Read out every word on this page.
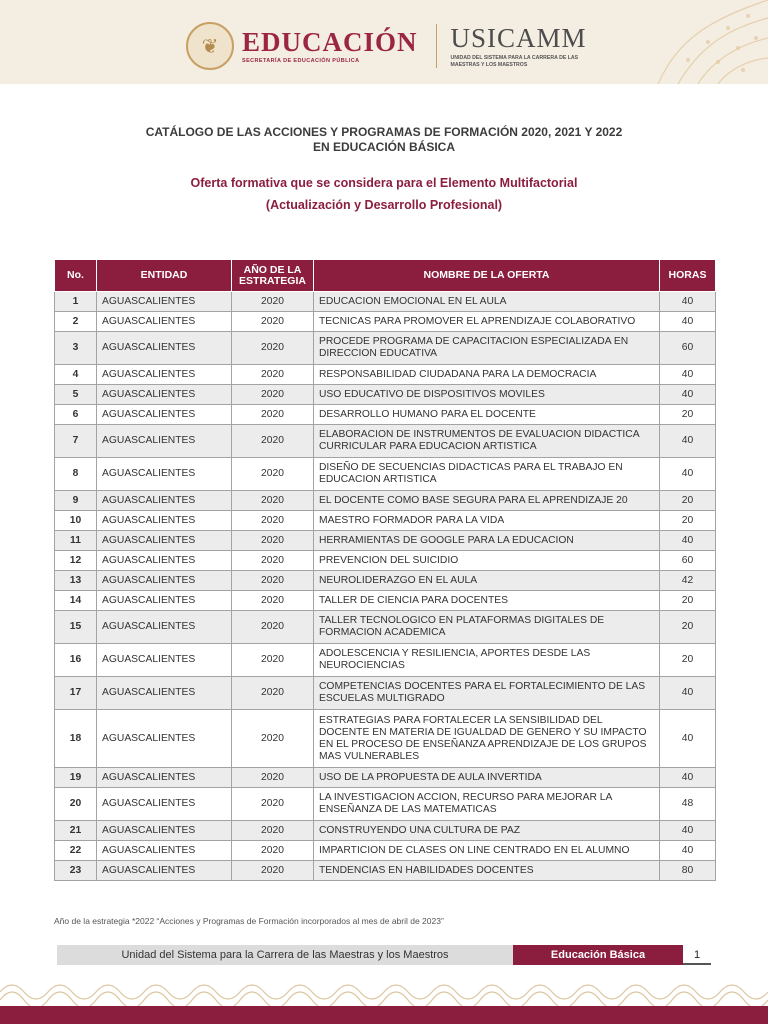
❦ EDUCACIÓN
SECRETARÍA DE EDUCACIÓN PÚBLICA
USICAMM
UNIDAD DEL SISTEMA PARA LA CARRERA DE LAS MAESTRAS Y LOS MAESTROS
CATÁLOGO DE LAS ACCIONES Y PROGRAMAS DE FORMACIÓN 2020, 2021 Y 2022
EN EDUCACIÓN BÁSICA
Oferta formativa que se considera para el Elemento Multifactorial
(Actualización y Desarrollo Profesional)
No.	ENTIDAD	AÑO DE LA ESTRATEGIA	NOMBRE DE LA OFERTA	HORAS
1	AGUASCALIENTES	2020	EDUCACION EMOCIONAL EN EL AULA	40
2	AGUASCALIENTES	2020	TECNICAS PARA PROMOVER EL APRENDIZAJE COLABORATIVO	40
3	AGUASCALIENTES	2020	PROCEDE PROGRAMA DE CAPACITACION ESPECIALIZADA EN DIRECCION EDUCATIVA	60
4	AGUASCALIENTES	2020	RESPONSABILIDAD CIUDADANA PARA LA DEMOCRACIA	40
5	AGUASCALIENTES	2020	USO EDUCATIVO DE DISPOSITIVOS MOVILES	40
6	AGUASCALIENTES	2020	DESARROLLO HUMANO PARA EL DOCENTE	20
7	AGUASCALIENTES	2020	ELABORACION DE INSTRUMENTOS DE EVALUACION DIDACTICA CURRICULAR PARA EDUCACION ARTISTICA	40
8	AGUASCALIENTES	2020	DISEÑO DE SECUENCIAS DIDACTICAS PARA EL TRABAJO EN EDUCACION ARTISTICA	40
9	AGUASCALIENTES	2020	EL DOCENTE COMO BASE SEGURA PARA EL APRENDIZAJE 20	20
10	AGUASCALIENTES	2020	MAESTRO FORMADOR PARA LA VIDA	20
11	AGUASCALIENTES	2020	HERRAMIENTAS DE GOOGLE PARA LA EDUCACION	40
12	AGUASCALIENTES	2020	PREVENCION DEL SUICIDIO	60
13	AGUASCALIENTES	2020	NEUROLIDERAZGO EN EL AULA	42
14	AGUASCALIENTES	2020	TALLER DE CIENCIA PARA DOCENTES	20
15	AGUASCALIENTES	2020	TALLER TECNOLOGICO EN PLATAFORMAS DIGITALES DE FORMACION ACADEMICA	20
16	AGUASCALIENTES	2020	ADOLESCENCIA Y RESILIENCIA, APORTES DESDE LAS NEUROCIENCIAS	20
17	AGUASCALIENTES	2020	COMPETENCIAS DOCENTES PARA EL FORTALECIMIENTO DE LAS ESCUELAS MULTIGRADO	40
18	AGUASCALIENTES	2020	ESTRATEGIAS PARA FORTALECER LA SENSIBILIDAD DEL DOCENTE EN MATERIA DE IGUALDAD DE GENERO Y SU IMPACTO EN EL PROCESO DE ENSEÑANZA APRENDIZAJE DE LOS GRUPOS MAS VULNERABLES	40
19	AGUASCALIENTES	2020	USO DE LA PROPUESTA DE AULA INVERTIDA	40
20	AGUASCALIENTES	2020	LA INVESTIGACION ACCION, RECURSO PARA MEJORAR LA ENSEÑANZA DE LAS MATEMATICAS	48
21	AGUASCALIENTES	2020	CONSTRUYENDO UNA CULTURA DE PAZ	40
22	AGUASCALIENTES	2020	IMPARTICION DE CLASES ON LINE CENTRADO EN EL ALUMNO	40
23	AGUASCALIENTES	2020	TENDENCIAS EN HABILIDADES DOCENTES	80
Año de la estrategia *2022 “Acciones y Programas de Formación incorporados al mes de abril de 2023”
Unidad del Sistema para la Carrera de las Maestras y los Maestros	Educación Básica	1
